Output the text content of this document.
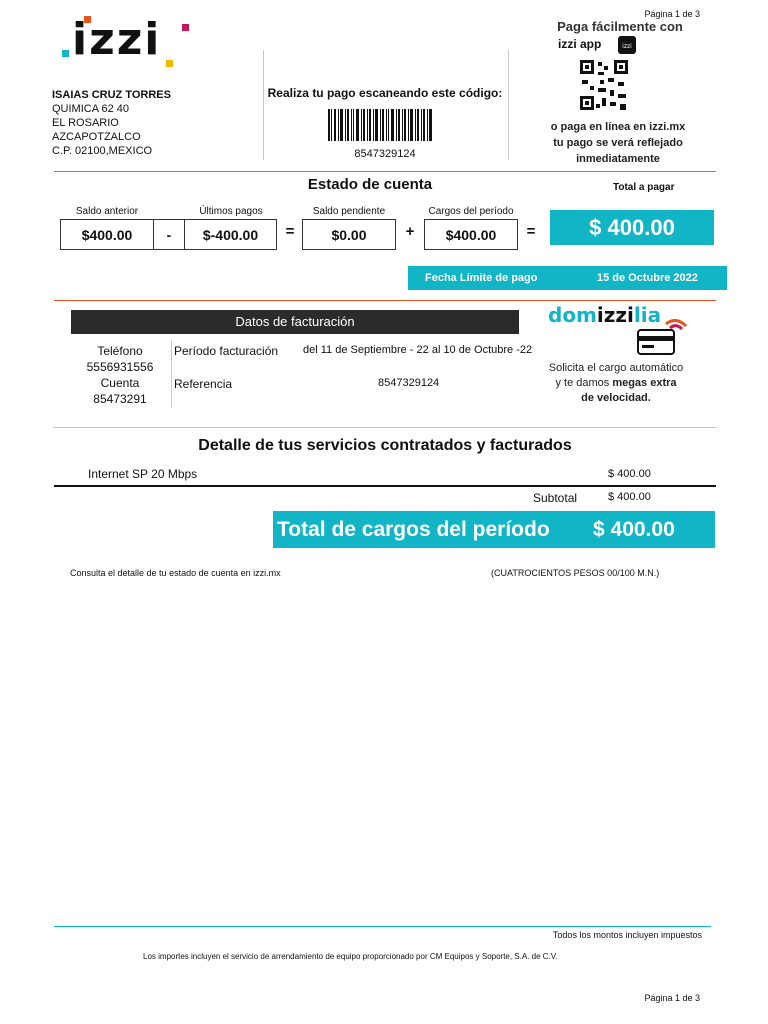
Página 1 de 3
izzi
ISAIAS CRUZ TORRES
QUIMICA 62 40
EL ROSARIO
AZCAPOTZALCO
C.P. 02100,MEXICO
Realiza tu pago escaneando este código:
8547329124
Paga fácilmente con
izzi app	izzi
o paga en línea en izzi.mx
tu pago se verá reflejado
inmediatamente
Estado de cuenta	Total a pagar
Saldo anterior	Últimos pagos	Saldo pendiente	Cargos del período
$400.00	-	$-400.00	=	$0.00	+	$400.00	=	$ 400.00
Fecha Límite de pago	15 de Octubre 2022
Datos de facturación
Teléfono
5556931556
Cuenta
85473291
Período facturación del 11 de Septiembre - 22 al 10 de Octubre -22
Referencia	8547329124
domizzilia
Solicita el cargo automático
y te damos megas extra
de velocidad.
Detalle de tus servicios contratados y facturados
Internet SP 20 Mbps	$ 400.00
Subtotal	$ 400.00
Total de cargos del período $ 400.00
Consulta el detalle de tu estado de cuenta en izzi.mx	(CUATROCIENTOS PESOS 00/100 M.N.)
Todos los montos incluyen impuestos
Los importes incluyen el servicio de arrendamiento de equipo proporcionado por CM Equipos y Soporte, S.A. de C.V.
Página 1 de 3
